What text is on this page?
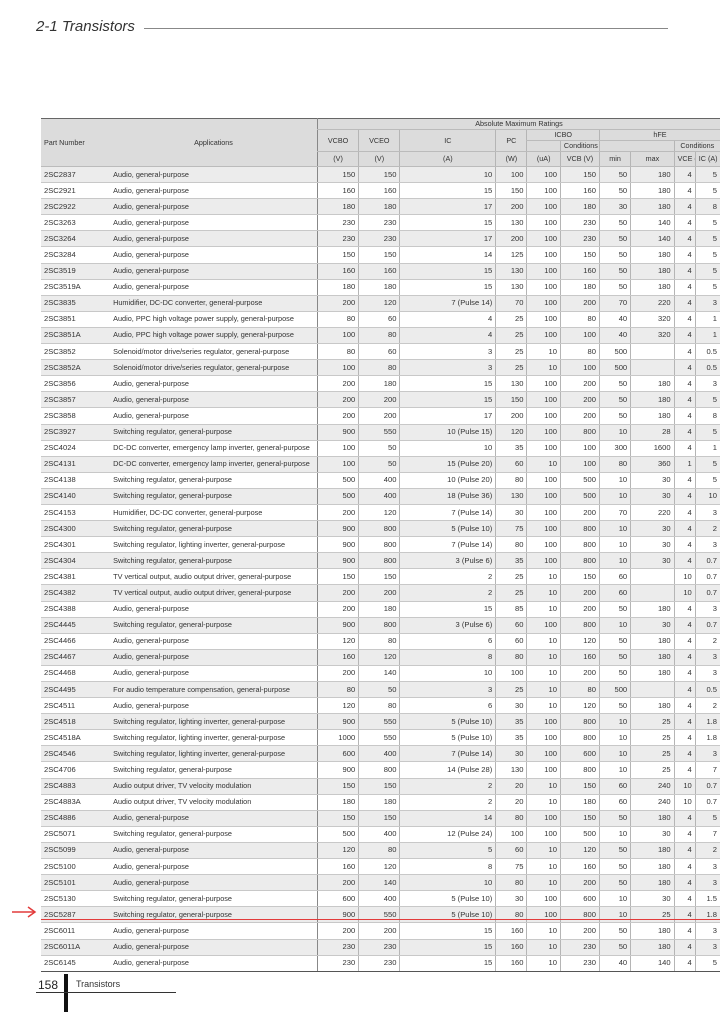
2-1 Transistors
Part Number	Applications	Absolute Maximum Ratings									
		VCBO	VCEO	IC	PC	ICBO		hFE			
							Conditions			Conditions	
		(V)	(V)	(A)	(W)	(uA)	VCB (V)	min	max	VCE	IC (A)
2SC2837	Audio, general-purpose	150	150	10	100	100	150	50	180	4	5
2SC2921	Audio, general-purpose	160	160	15	150	100	160	50	180	4	5
2SC2922	Audio, general-purpose	180	180	17	200	100	180	30	180	4	8
2SC3263	Audio, general-purpose	230	230	15	130	100	230	50	140	4	5
2SC3264	Audio, general-purpose	230	230	17	200	100	230	50	140	4	5
2SC3284	Audio, general-purpose	150	150	14	125	100	150	50	180	4	5
2SC3519	Audio, general-purpose	160	160	15	130	100	160	50	180	4	5
2SC3519A	Audio, general-purpose	180	180	15	130	100	180	50	180	4	5
2SC3835	Humidifier, DC-DC converter, general-purpose	200	120	7 (Pulse 14)	70	100	200	70	220	4	3
2SC3851	Audio, PPC high voltage power supply, general-purpose	80	60	4	25	100	80	40	320	4	1
2SC3851A	Audio, PPC high voltage power supply, general-purpose	100	80	4	25	100	100	40	320	4	1
2SC3852	Solenoid/motor drive/series regulator, general-purpose	80	60	3	25	10	80	500		4	0.5
2SC3852A	Solenoid/motor drive/series regulator, general-purpose	100	80	3	25	10	100	500		4	0.5
2SC3856	Audio, general-purpose	200	180	15	130	100	200	50	180	4	3
2SC3857	Audio, general-purpose	200	200	15	150	100	200	50	180	4	5
2SC3858	Audio, general-purpose	200	200	17	200	100	200	50	180	4	8
2SC3927	Switching regulator, general-purpose	900	550	10 (Pulse 15)	120	100	800	10	28	4	5
2SC4024	DC-DC converter, emergency lamp inverter, general-purpose	100	50	10	35	100	100	300	1600	4	1
2SC4131	DC-DC converter, emergency lamp inverter, general-purpose	100	50	15 (Pulse 20)	60	10	100	80	360	1	5
2SC4138	Switching regulator, general-purpose	500	400	10 (Pulse 20)	80	100	500	10	30	4	5
2SC4140	Switching regulator, general-purpose	500	400	18 (Pulse 36)	130	100	500	10	30	4	10
2SC4153	Humidifier, DC-DC converter, general-purpose	200	120	7 (Pulse 14)	30	100	200	70	220	4	3
2SC4300	Switching regulator, general-purpose	900	800	5 (Pulse 10)	75	100	800	10	30	4	2
2SC4301	Switching regulator, lighting inverter, general-purpose	900	800	7 (Pulse 14)	80	100	800	10	30	4	3
2SC4304	Switching regulator, general-purpose	900	800	3 (Pulse 6)	35	100	800	10	30	4	0.7
2SC4381	TV vertical output, audio output driver, general-purpose	150	150	2	25	10	150	60		10	0.7
2SC4382	TV vertical output, audio output driver, general-purpose	200	200	2	25	10	200	60		10	0.7
2SC4388	Audio, general-purpose	200	180	15	85	10	200	50	180	4	3
2SC4445	Switching regulator, general-purpose	900	800	3 (Pulse 6)	60	100	800	10	30	4	0.7
2SC4466	Audio, general-purpose	120	80	6	60	10	120	50	180	4	2
2SC4467	Audio, general-purpose	160	120	8	80	10	160	50	180	4	3
2SC4468	Audio, general-purpose	200	140	10	100	10	200	50	180	4	3
2SC4495	For audio temperature compensation, general-purpose	80	50	3	25	10	80	500		4	0.5
2SC4511	Audio, general-purpose	120	80	6	30	10	120	50	180	4	2
2SC4518	Switching regulator, lighting inverter, general-purpose	900	550	5 (Pulse 10)	35	100	800	10	25	4	1.8
2SC4518A	Switching regulator, lighting inverter, general-purpose	1000	550	5 (Pulse 10)	35	100	800	10	25	4	1.8
2SC4546	Switching regulator, lighting inverter, general-purpose	600	400	7 (Pulse 14)	30	100	600	10	25	4	3
2SC4706	Switching regulator, general-purpose	900	800	14 (Pulse 28)	130	100	800	10	25	4	7
2SC4883	Audio output driver, TV velocity modulation	150	150	2	20	10	150	60	240	10	0.7
2SC4883A	Audio output driver, TV velocity modulation	180	180	2	20	10	180	60	240	10	0.7
2SC4886	Audio, general-purpose	150	150	14	80	100	150	50	180	4	5
2SC5071	Switching regulator, general-purpose	500	400	12 (Pulse 24)	100	100	500	10	30	4	7
2SC5099	Audio, general-purpose	120	80	5	60	10	120	50	180	4	2
2SC5100	Audio, general-purpose	160	120	8	75	10	160	50	180	4	3
2SC5101	Audio, general-purpose	200	140	10	80	10	200	50	180	4	3
2SC5130	Switching regulator, general-purpose	600	400	5 (Pulse 10)	30	100	600	10	30	4	1.5
2SC5287	Switching regulator, general-purpose	900	550	5 (Pulse 10)	80	100	800	10	25	4	1.8
2SC6011	Audio, general-purpose	200	200	15	160	10	200	50	180	4	3
2SC6011A	Audio, general-purpose	230	230	15	160	10	230	50	180	4	3
2SC6145	Audio, general-purpose	230	230	15	160	10	230	40	140	4	5
158 Transistors
